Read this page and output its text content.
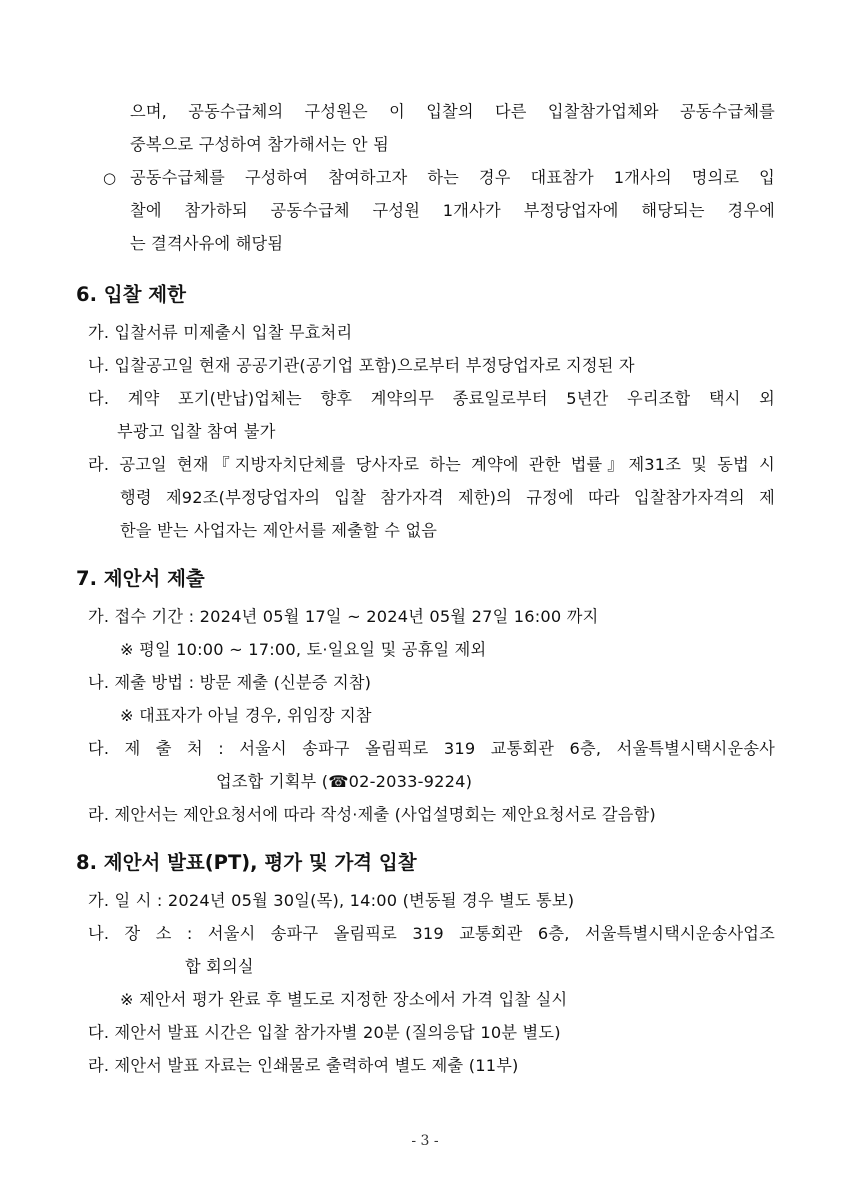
으며, 공동수급체의 구성원은 이 입찰의 다른 입찰참가업체와 공동수급체를
중복으로 구성하여 참가해서는 안 됨
○ 공동수급체를 구성하여 참여하고자 하는 경우 대표참가 1개사의 명의로 입
찰에 참가하되 공동수급체 구성원 1개사가 부정당업자에 해당되는 경우에
는 결격사유에 해당됨
6. 입찰 제한
가. 입찰서류 미제출시 입찰 무효처리
나. 입찰공고일 현재 공공기관(공기업 포함)으로부터 부정당업자로 지정된 자
다. 계약 포기(반납)업체는 향후 계약의무 종료일로부터 5년간 우리조합 택시 외
부광고 입찰 참여 불가
라. 공고일 현재『지방자치단체를 당사자로 하는 계약에 관한 법률』제31조 및 동법 시
행령 제92조(부정당업자의 입찰 참가자격 제한)의 규정에 따라 입찰참가자격의 제
한을 받는 사업자는 제안서를 제출할 수 없음
7. 제안서 제출
가. 접수 기간 : 2024년 05월 17일 ~ 2024년 05월 27일 16:00 까지
※ 평일 10:00 ~ 17:00, 토·일요일 및 공휴일 제외
나. 제출 방법 : 방문 제출 (신분증 지참)
※ 대표자가 아닐 경우, 위임장 지참
다. 제 출 처 : 서울시 송파구 올림픽로 319 교통회관 6층, 서울특별시택시운송사
업조합 기획부 (☎02-2033-9224)
라. 제안서는 제안요청서에 따라 작성·제출 (사업설명회는 제안요청서로 갈음함)
8. 제안서 발표(PT), 평가 및 가격 입찰
가. 일 시 : 2024년 05월 30일(목), 14:00 (변동될 경우 별도 통보)
나. 장 소 : 서울시 송파구 올림픽로 319 교통회관 6층, 서울특별시택시운송사업조
합 회의실
※ 제안서 평가 완료 후 별도로 지정한 장소에서 가격 입찰 실시
다. 제안서 발표 시간은 입찰 참가자별 20분 (질의응답 10분 별도)
라. 제안서 발표 자료는 인쇄물로 출력하여 별도 제출 (11부)
- 3 -
